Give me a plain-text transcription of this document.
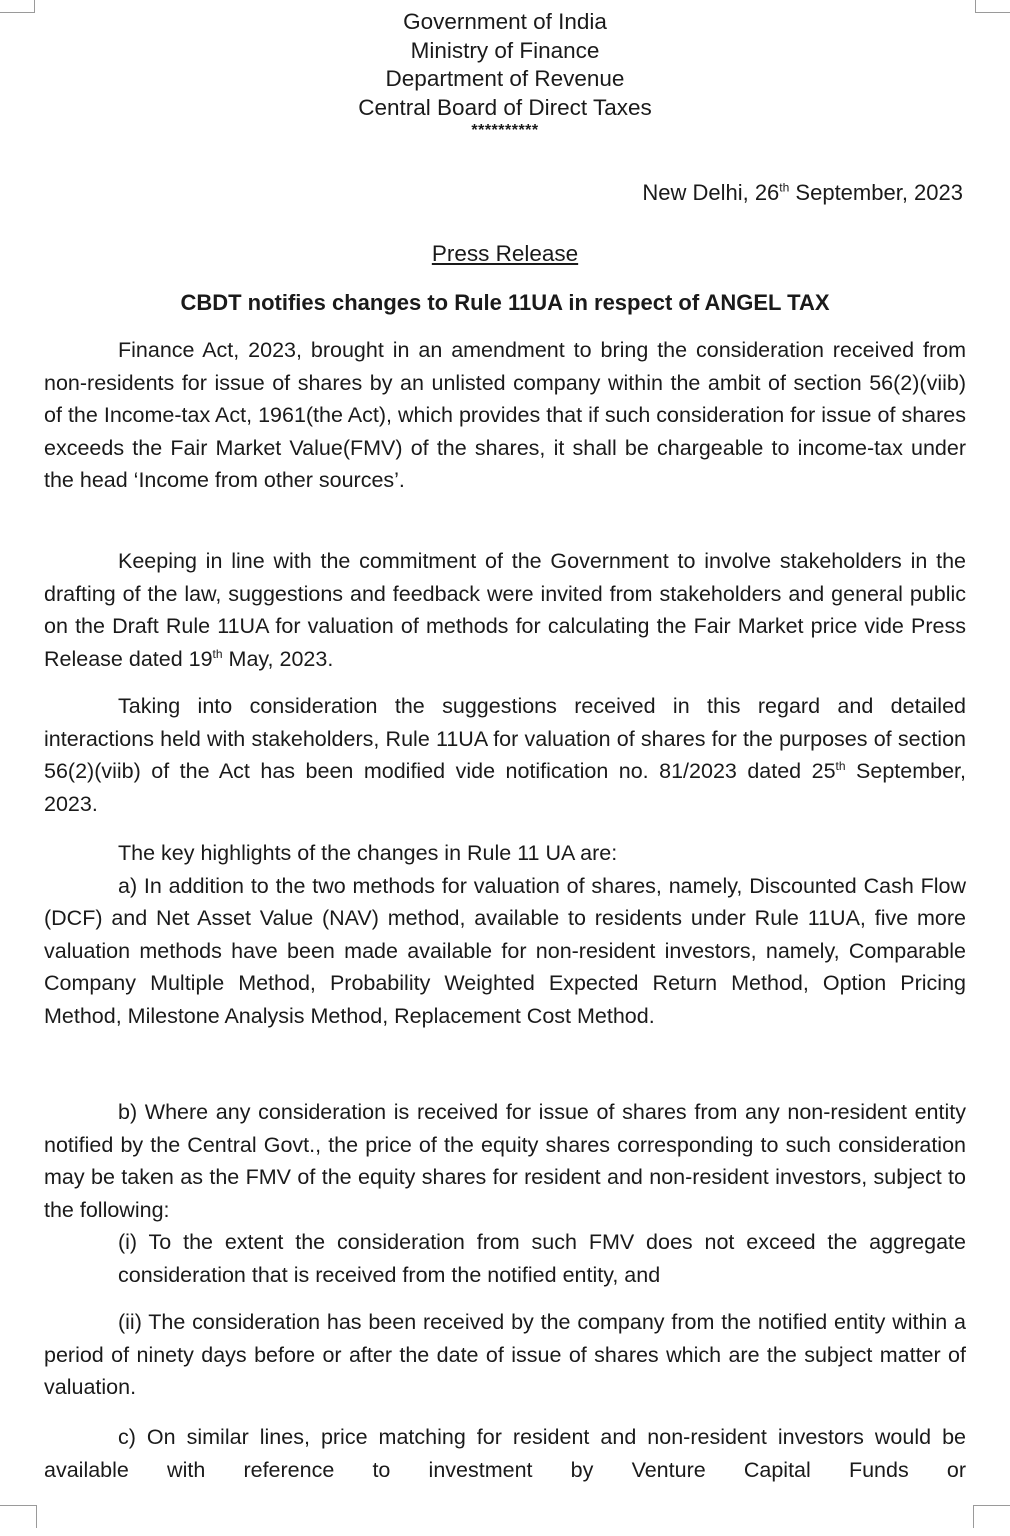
Government of India
Ministry of Finance
Department of Revenue
Central Board of Direct Taxes
**********
New Delhi, 26th September, 2023
Press Release
CBDT notifies changes to Rule 11UA in respect of ANGEL TAX

Finance Act, 2023, brought in an amendment to bring the consideration received from non-residents for issue of shares by an unlisted company within the ambit of section 56(2)(viib) of the Income-tax Act, 1961(the Act), which provides that if such consideration for issue of shares exceeds the Fair Market Value(FMV) of the shares, it shall be chargeable to income-tax under the head ‘Income from other sources’.

Keeping in line with the commitment of the Government to involve stakeholders in the drafting of the law, suggestions and feedback were invited from stakeholders and general public on the Draft Rule 11UA for valuation of methods for calculating the Fair Market price vide Press Release dated 19th May, 2023.

Taking into consideration the suggestions received in this regard and detailed interactions held with stakeholders, Rule 11UA for valuation of shares for the purposes of section 56(2)(viib) of the Act has been modified vide notification no. 81/2023 dated 25th September, 2023.

The key highlights of the changes in Rule 11 UA are:

a) In addition to the two methods for valuation of shares, namely, Discounted Cash Flow (DCF) and Net Asset Value (NAV) method, available to residents under Rule 11UA, five more valuation methods have been made available for non-resident investors, namely, Comparable Company Multiple Method, Probability Weighted Expected Return Method, Option Pricing Method, Milestone Analysis Method, Replacement Cost Method.

b) Where any consideration is received for issue of shares from any non-resident entity notified by the Central Govt., the price of the equity shares corresponding to such consideration may be taken as the FMV of the equity shares for resident and non-resident investors, subject to the following:

(i) To the extent the consideration from such FMV does not exceed the aggregate consideration that is received from the notified entity, and

(ii) The consideration has been received by the company from the notified entity within a period of ninety days before or after the date of issue of shares which are the subject matter of valuation.

c) On similar lines, price matching for resident and non-resident investors would be available with reference to investment by Venture Capital Funds or
